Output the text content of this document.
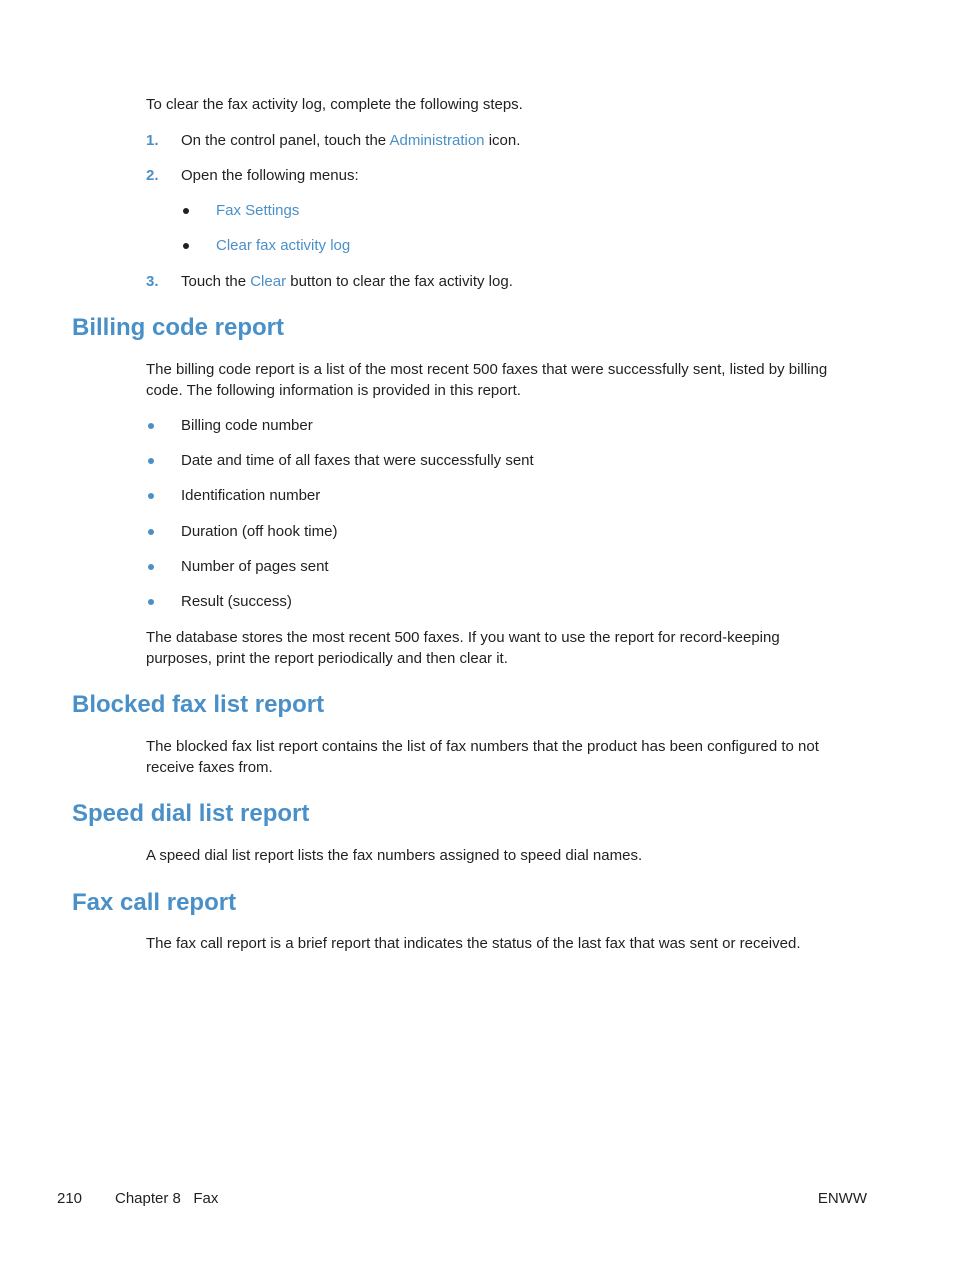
To clear the fax activity log, complete the following steps.

1. On the control panel, touch the Administration icon.
2. Open the following menus:
Fax Settings
Clear fax activity log
3. Touch the Clear button to clear the fax activity log.
Billing code report

The billing code report is a list of the most recent 500 faxes that were successfully sent, listed by billing

code. The following information is provided in this report.

Billing code number
Date and time of all faxes that were successfully sent
Identification number
Duration (off hook time)
Number of pages sent
Result (success)

The database stores the most recent 500 faxes. If you want to use the report for record-keeping

purposes, print the report periodically and then clear it.

Blocked fax list report

The blocked fax list report contains the list of fax numbers that the product has been configured to not

receive faxes from.

Speed dial list report

A speed dial list report lists the fax numbers assigned to speed dial names.

Fax call report

The fax call report is a brief report that indicates the status of the last fax that was sent or received.

210 Chapter 8   Fax	ENWW
